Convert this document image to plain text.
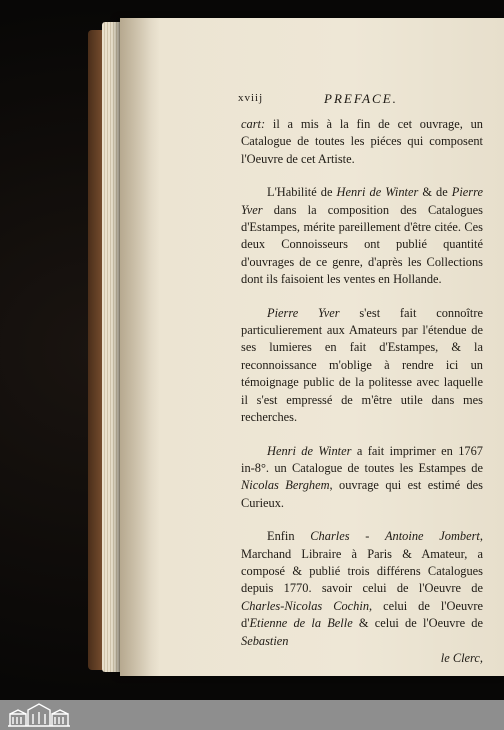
xviij	PREFACE.

cart: il a mis à la fin de cet ouvrage, un Catalogue de toutes les piéces qui composent l'Oeuvre de cet Artiste.

L'Habilité de Henri de Winter & de Pierre Yver dans la composition des Catalogues d'Estampes, mérite pareillement d'être citée. Ces deux Connoisseurs ont publié quantité d'ouvrages de ce genre, d'après les Collections dont ils faisoient les ventes en Hollande.

Pierre Yver s'est fait connoître particulierement aux Amateurs par l'étendue de ses lumieres en fait d'Estampes, & la reconnoissance m'oblige à rendre ici un témoignage public de la politesse avec laquelle il s'est empressé de m'être utile dans mes recherches.

Henri de Winter a fait imprimer en 1767 in-8°. un Catalogue de toutes les Estampes de Nicolas Berghem, ouvrage qui est estimé des Curieux.

Enfin Charles - Antoine Jombert, Marchand Libraire à Paris & Amateur, a composé & publié trois différens Catalogues depuis 1770. savoir celui de l'Oeuvre de Charles-Nicolas Cochin, celui de l'Oeuvre d'Etienne de la Belle & celui de l'Oeuvre de Sebastien

le Clerc,
